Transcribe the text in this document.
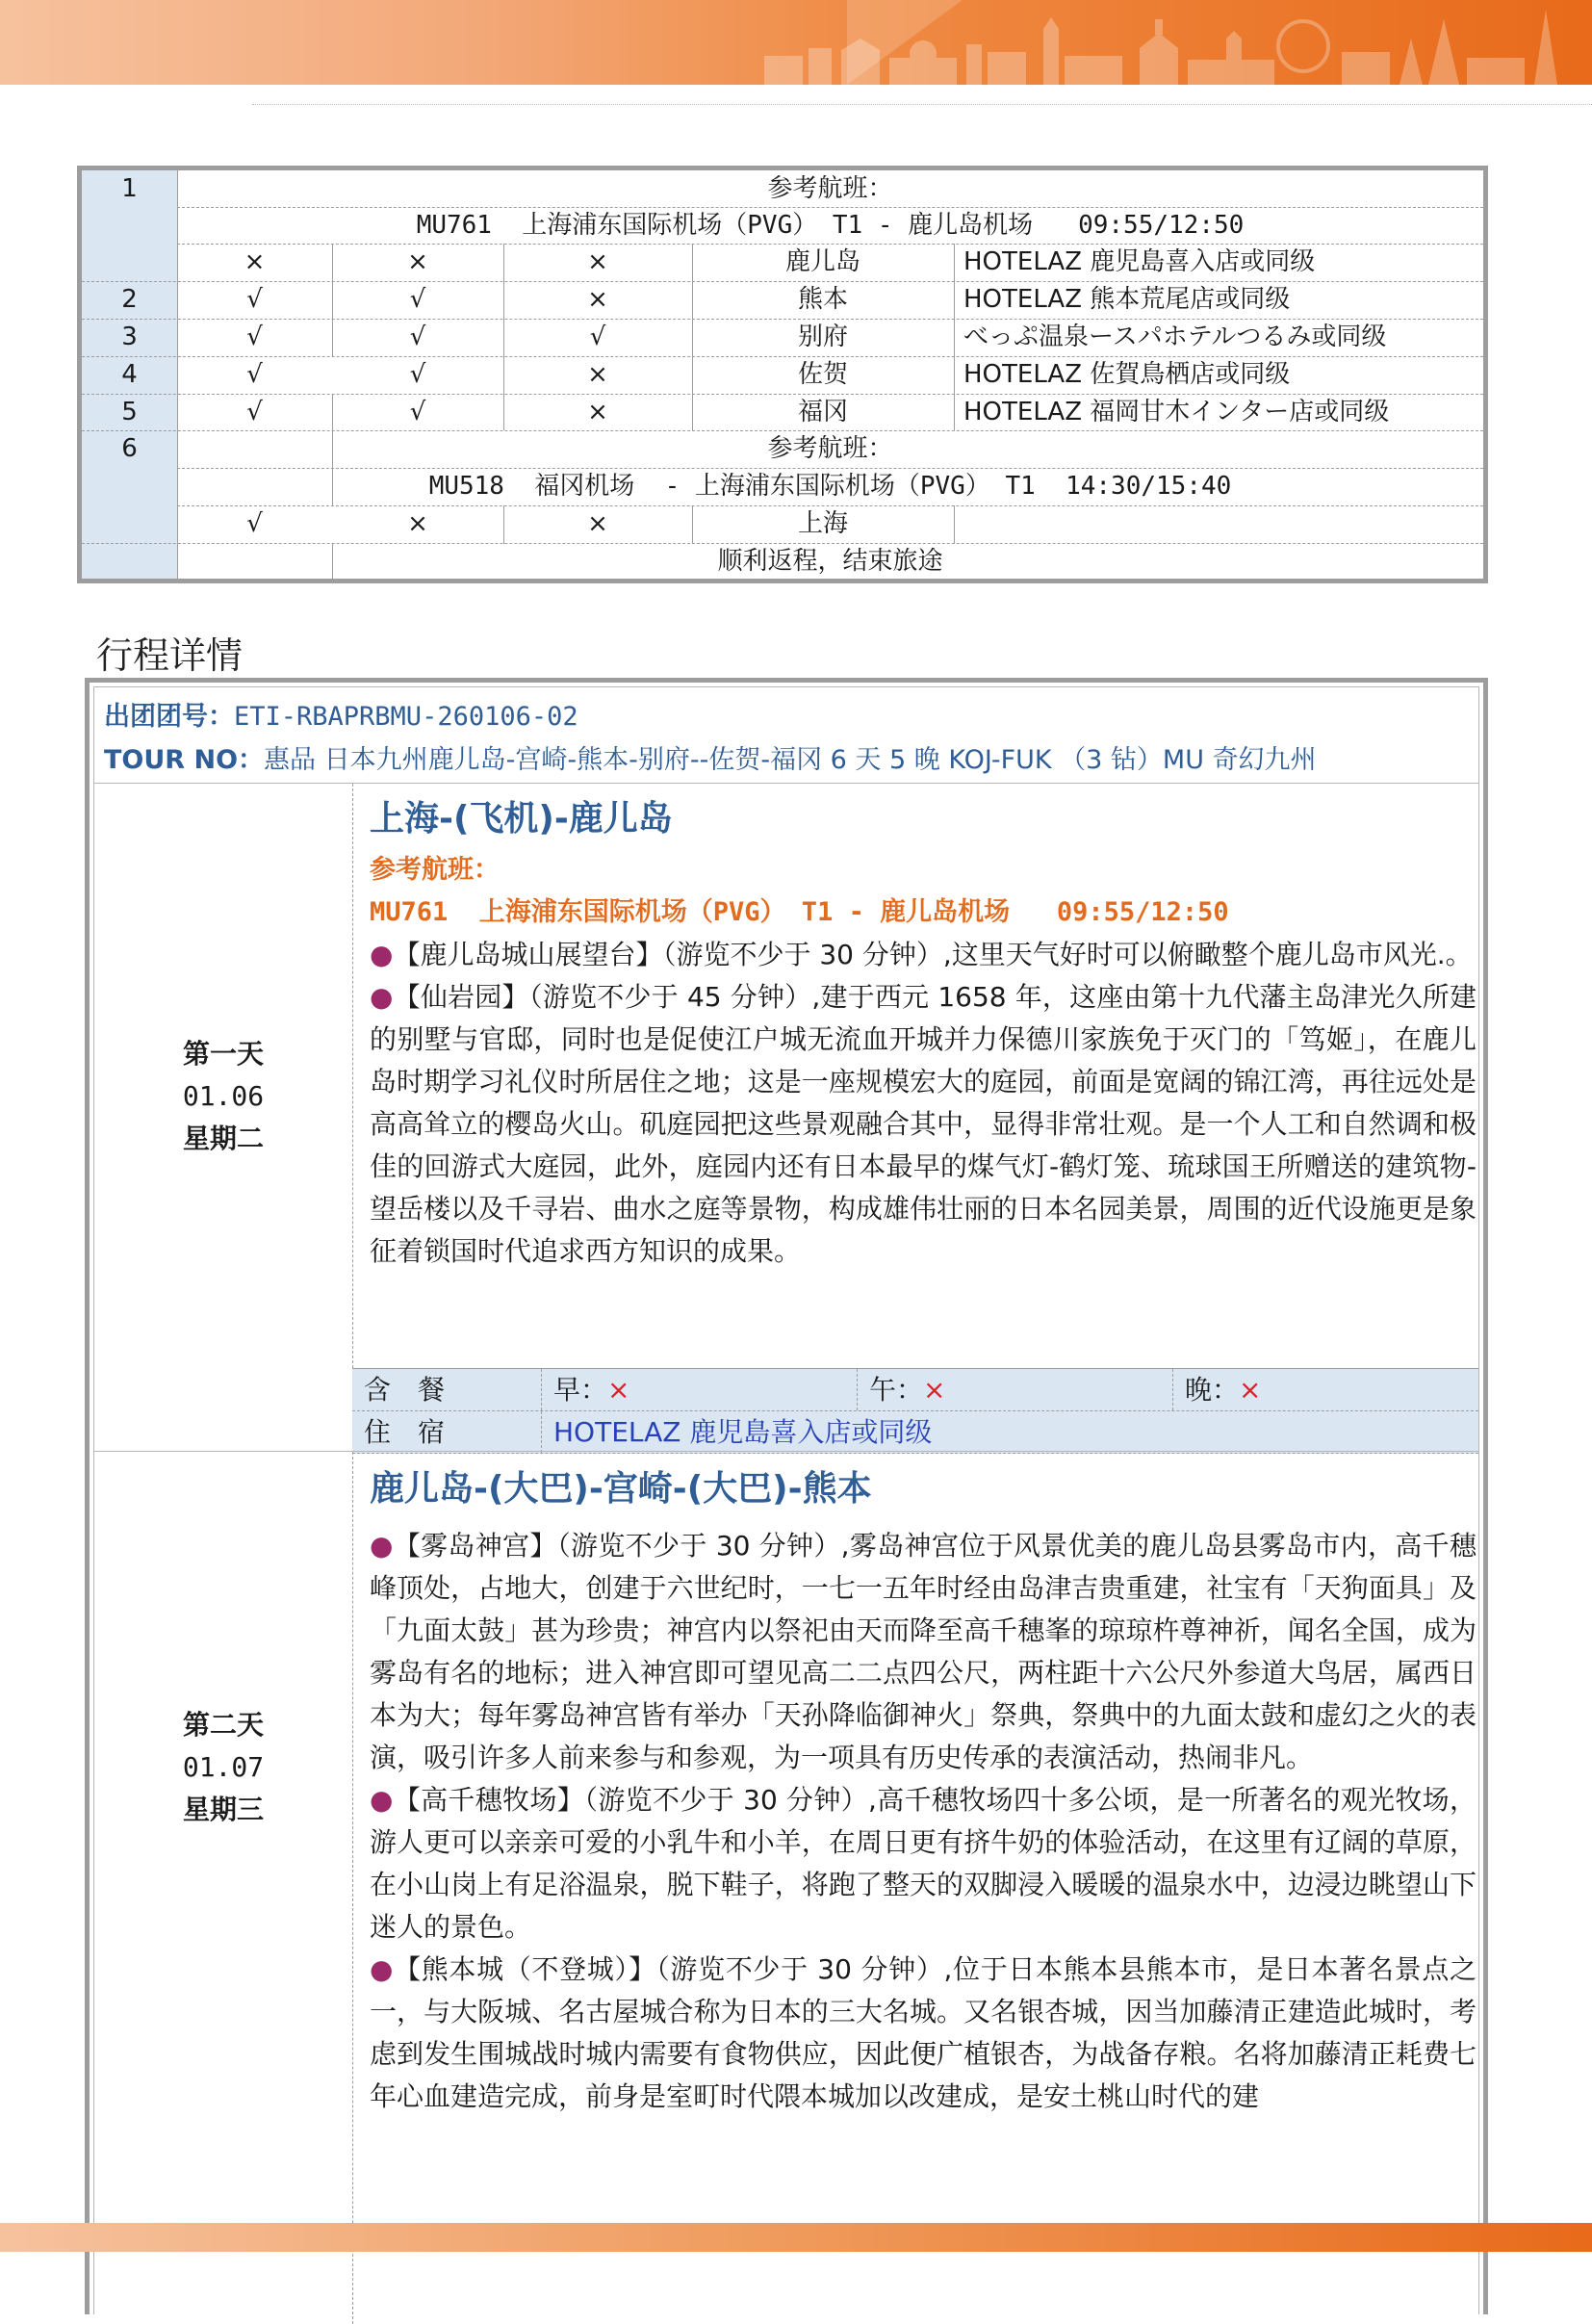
1	参考航班：
MU761  上海浦东国际机场（PVG） T1 - 鹿儿岛机场   09:55/12:50
×	×	×	鹿儿岛	HOTELAZ 鹿児島喜入店或同级
2	√	√	×	熊本	HOTELAZ 熊本荒尾店或同级
3	√	√	√	别府	べっぷ温泉ースパホテルつるみ或同级
4	√	√	×	佐贺	HOTELAZ 佐賀鳥栖店或同级
5	√	√	×	福冈	HOTELAZ 福岡甘木インター店或同级
6	参考航班：
MU518  福冈机场  - 上海浦东国际机场（PVG） T1  14:30/15:40
√	×	×	上海
顺利返程，结束旅途
行程详情
出团团号：ETI-RBAPRBMU-260106-02
TOUR NO：惠品 日本九州鹿儿岛-宫崎-熊本-别府--佐贺-福冈 6 天 5 晚 KOJ-FUK （3 钻）MU 奇幻九州
第一天
01.06
星期二
上海-(飞机)-鹿儿岛
参考航班：
MU761  上海浦东国际机场（PVG） T1 - 鹿儿岛机场   09:55/12:50

●【鹿儿岛城山展望台】（游览不少于 30 分钟）,这里天气好时可以俯瞰整个鹿儿岛市风光.。

●【仙岩园】（游览不少于 45 分钟）,建于西元 1658 年，这座由第十九代藩主岛津光久所建的别墅与官邸，同时也是促使江户城无流血开城并力保德川家族免于灭门的「笃姬」，在鹿儿岛时期学习礼仪时所居住之地；这是一座规模宏大的庭园，前面是宽阔的锦江湾，再往远处是高高耸立的樱岛火山。矶庭园把这些景观融合其中，显得非常壮观。是一个人工和自然调和极佳的回游式大庭园，此外，庭园内还有日本最早的煤气灯-鹤灯笼、琉球国王所赠送的建筑物-望岳楼以及千寻岩、曲水之庭等景物，构成雄伟壮丽的日本名园美景，周围的近代设施更是象征着锁国时代追求西方知识的成果。

含　餐	早：×	午：×	晚：×
住　宿	HOTELAZ 鹿児島喜入店或同级
第二天
01.07
星期三
鹿儿岛-(大巴)-宫崎-(大巴)-熊本

●【雾岛神宫】（游览不少于 30 分钟）,雾岛神宫位于风景优美的鹿儿岛县雾岛市内，高千穗峰顶处，占地大，创建于六世纪时，一七一五年时经由岛津吉贵重建，社宝有「天狗面具」及「九面太鼓」甚为珍贵；神宫内以祭祀由天而降至高千穗峯的琼琼杵尊神祈，闻名全国，成为雾岛有名的地标；进入神宫即可望见高二二点四公尺，两柱距十六公尺外参道大鸟居，属西日本为大；每年雾岛神宫皆有举办「天孙降临御神火」祭典，祭典中的九面太鼓和虚幻之火的表演，吸引许多人前来参与和参观，为一项具有历史传承的表演活动，热闹非凡。

●【高千穗牧场】（游览不少于 30 分钟）,高千穗牧场四十多公顷，是一所著名的观光牧场，游人更可以亲亲可爱的小乳牛和小羊，在周日更有挤牛奶的体验活动，在这里有辽阔的草原，在小山岗上有足浴温泉，脱下鞋子，将跑了整天的双脚浸入暖暖的温泉水中，边浸边眺望山下迷人的景色。

●【熊本城（不登城）】（游览不少于 30 分钟）,位于日本熊本县熊本市，是日本著名景点之一，与大阪城、名古屋城合称为日本的三大名城。又名银杏城，因当加藤清正建造此城时，考虑到发生围城战时城内需要有食物供应，因此便广植银杏，为战备存粮。名将加藤清正耗费七年心血建造完成，前身是室町时代隈本城加以改建成，是安土桃山时代的建
